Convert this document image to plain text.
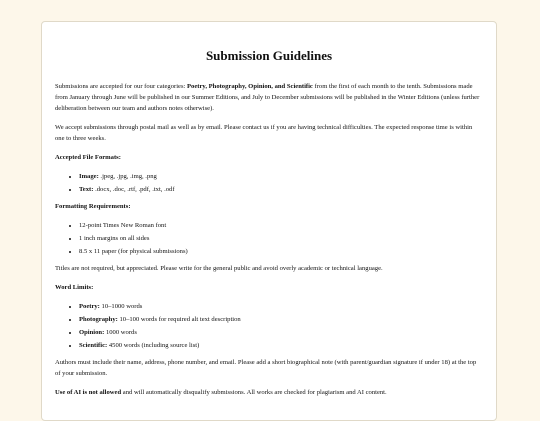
Submission Guidelines

Submissions are accepted for our four categories: Poetry, Photography, Opinion, and Scientific from the first of each month to the tenth. Submissions made from January through June will be published in our Summer Editions, and July to December submissions will be published in the Winter Editions (unless further deliberation between our team and authors notes otherwise).

We accept submissions through postal mail as well as by email. Please contact us if you are having technical difficulties. The expected response time is within one to three weeks.

Accepted File Formats:
• Image: .jpeg, .jpg, .img, .png
• Text: .docx, .doc, .rtf, .pdf, .txt, .odf
Formatting Requirements:
• 12-point Times New Roman font
• 1 inch margins on all sides
• 8.5 x 11 paper (for physical submissions)

Titles are not required, but appreciated. Please write for the general public and avoid overly academic or technical language.

Word Limits:
• Poetry: 10–1000 words
• Photography: 10–100 words for required alt text description
• Opinion: 1000 words
• Scientific: 4500 words (including source list)

Authors must include their name, address, phone number, and email. Please add a short biographical note (with parent/guardian signature if under 18) at the top of your submission.

Use of AI is not allowed and will automatically disqualify submissions. All works are checked for plagiarism and AI content.
